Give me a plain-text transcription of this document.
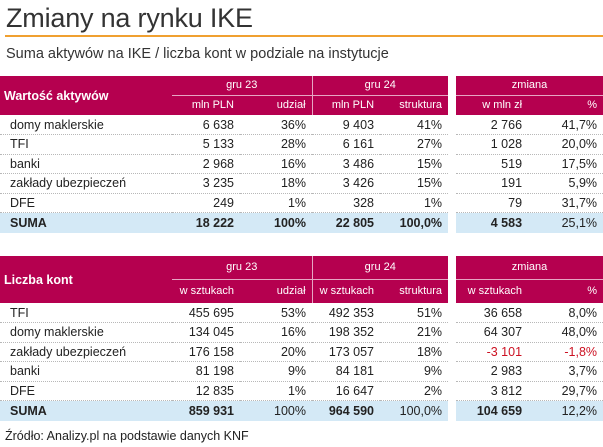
Zmiany na rynku IKE
Suma aktywów na IKE / liczba kont w podziale na instytucje
Wartość aktywów	gru 23		gru 24			zmiana	
	mln PLN	udział	mln PLN	struktura		w mln zł	%
domy maklerskie	6 638	36%	9 403	41%		2 766	41,7%
TFI	5 133	28%	6 161	27%		1 028	20,0%
banki	2 968	16%	3 486	15%		519	17,5%
zakłady ubezpieczeń	3 235	18%	3 426	15%		191	5,9%
DFE	249	1%	328	1%		79	31,7%
SUMA	18 222	100%	22 805	100,0%		4 583	25,1%
Liczba kont	gru 23		gru 24			zmiana	
	w sztukach	udział	w sztukach	struktura		w sztukach	%
TFI	455 695	53%	492 353	51%		36 658	8,0%
domy maklerskie	134 045	16%	198 352	21%		64 307	48,0%
zakłady ubezpieczeń	176 158	20%	173 057	18%		-3 101	-1,8%
banki	81 198	9%	84 181	9%		2 983	3,7%
DFE	12 835	1%	16 647	2%		3 812	29,7%
SUMA	859 931	100%	964 590	100,0%		104 659	12,2%
Źródło: Analizy.pl na podstawie danych KNF
